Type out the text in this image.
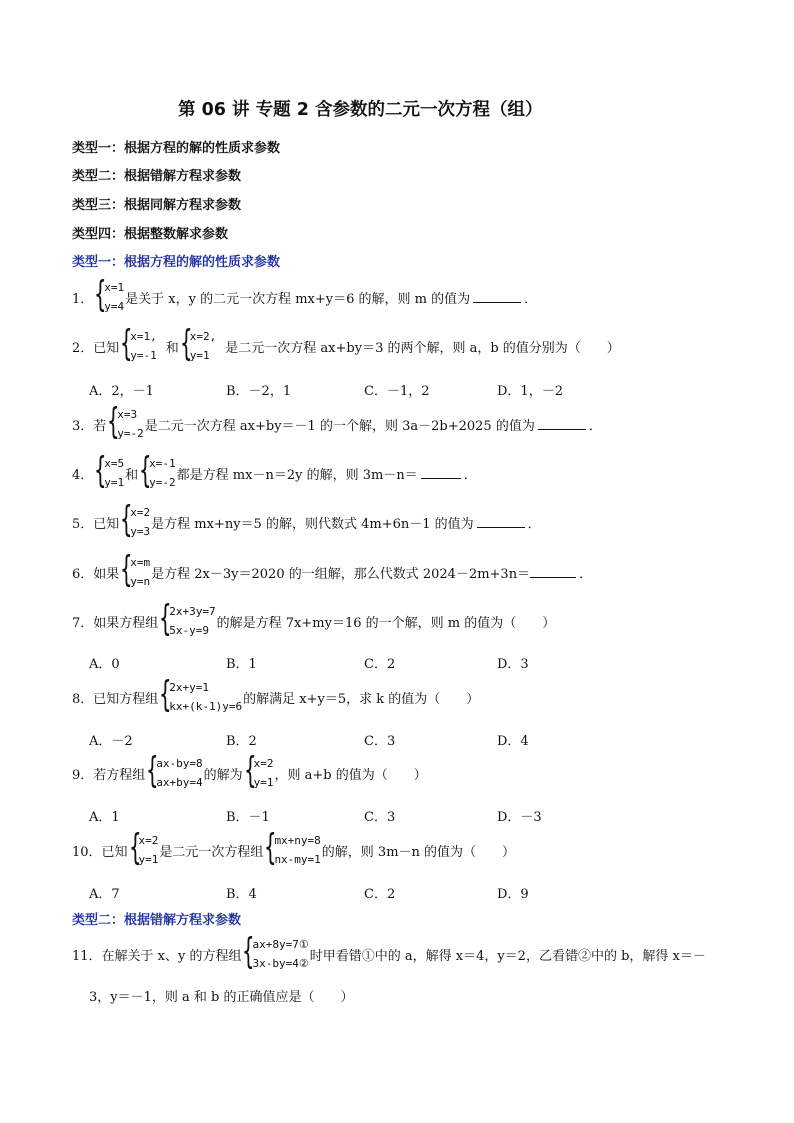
第 06 讲 专题 2 含参数的二元一次方程（组）
类型一：根据方程的解的性质求参数
类型二：根据错解方程求参数
类型三：根据同解方程求参数
类型四：根据整数解求参数
类型一：根据方程的解的性质求参数
1． {
x=1
y=4 是关于 x，y 的二元一次方程 mx+y＝6 的解，则 m 的值为	．
2．已知 {
x=1,
y=-1 和 {
x=2,
y=1	是二元一次方程 ax+by＝3 的两个解，则 a，b 的值分别为（　　）
A．2，－1	B．－2，1	C．－1，2	D．1，－2
3．若 {
x=3
y=-2 是二元一次方程 ax+by＝－1 的一个解，则 3a－2b+2025 的值为	．
4． {
x=5
y=1 和 {
x=-1
y=-2 都是方程 mx－n＝2y 的解，则 3m－n＝	．
5．已知 {
x=2
y=3 是方程 mx+ny＝5 的解，则代数式 4m+6n－1 的值为	．
6．如果 {
x=m
y=n 是方程 2x－3y＝2020 的一组解，那么代数式 2024－2m+3n＝	．
7．如果方程组 {
2x+3y=7
5x-y=9 的解是方程 7x+my＝16 的一个解，则 m 的值为（　　）
A．0	B．1	C．2	D．3
8．已知方程组 {
2x+y=1
kx+(k-1)y=6 的解满足 x+y＝5，求 k 的值为（　　）
A．－2	B．2	C．3	D．4
9．若方程组 {
ax-by=8
ax+by=4 的解为 {
x=2
y=1 ，则 a+b 的值为（　　）
A．1	B．－1	C．3	D．－3
10．已知 {
x=2
y=1 是二元一次方程组 {
mx+ny=8
nx-my=1 的解，则 3m－n 的值为（　　）
A．7	B．4	C．2	D．9
类型二：根据错解方程求参数
11．在解关于 x、y 的方程组 {
ax+8y=7①
3x-by=4② 时甲看错①中的 a，解得 x＝4，y＝2，乙看错②中的 b，解得 x＝－
3，y＝－1，则 a 和 b 的正确值应是（　　）
